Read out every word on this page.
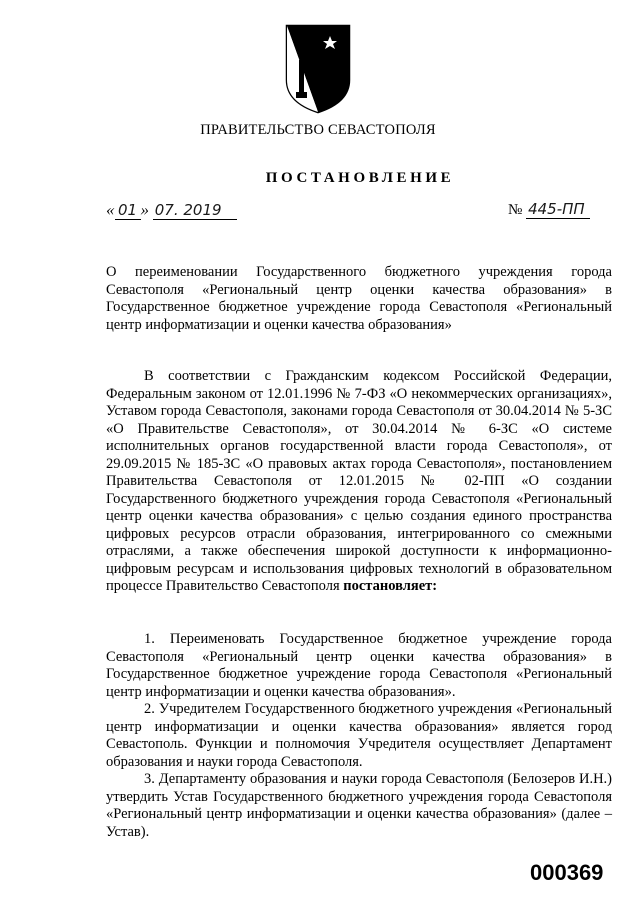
ПРАВИТЕЛЬСТВО СЕВАСТОПОЛЯ
ПОСТАНОВЛЕНИЕ
« 01 » 07. 2019	№ 445-ПП
О переименовании Государственного бюджетного учреждения города Севастополя «Региональный центр оценки качества образования» в Государственное бюджетное учреждение города Севастополя «Региональный центр информатизации и оценки качества образования»

В соответствии с Гражданским кодексом Российской Федерации, Федеральным законом от 12.01.1996 № 7-ФЗ «О некоммерческих организациях», Уставом города Севастополя, законами города Севастополя от 30.04.2014 № 5-ЗС «О Правительстве Севастополя», от 30.04.2014 № 6-ЗС «О системе исполнительных органов государственной власти города Севастополя», от 29.09.2015 № 185-ЗС «О правовых актах города Севастополя», постановлением Правительства Севастополя от 12.01.2015 № 02-ПП «О создании Государственного бюджетного учреждения города Севастополя «Региональный центр оценки качества образования» с целью создания единого пространства цифровых ресурсов отрасли образования, интегрированного со смежными отраслями, а также обеспечения широкой доступности к информационно-цифровым ресурсам и использования цифровых технологий в образовательном процессе Правительство Севастополя постановляет:

1. Переименовать Государственное бюджетное учреждение города Севастополя «Региональный центр оценки качества образования» в Государственное бюджетное учреждение города Севастополя «Региональный центр информатизации и оценки качества образования».

2. Учредителем Государственного бюджетного учреждения «Региональный центр информатизации и оценки качества образования» является город Севастополь. Функции и полномочия Учредителя осуществляет Департамент образования и науки города Севастополя.

3. Департаменту образования и науки города Севастополя (Белозеров И.Н.) утвердить Устав Государственного бюджетного учреждения города Севастополя «Региональный центр информатизации и оценки качества образования» (далее – Устав).

000369
